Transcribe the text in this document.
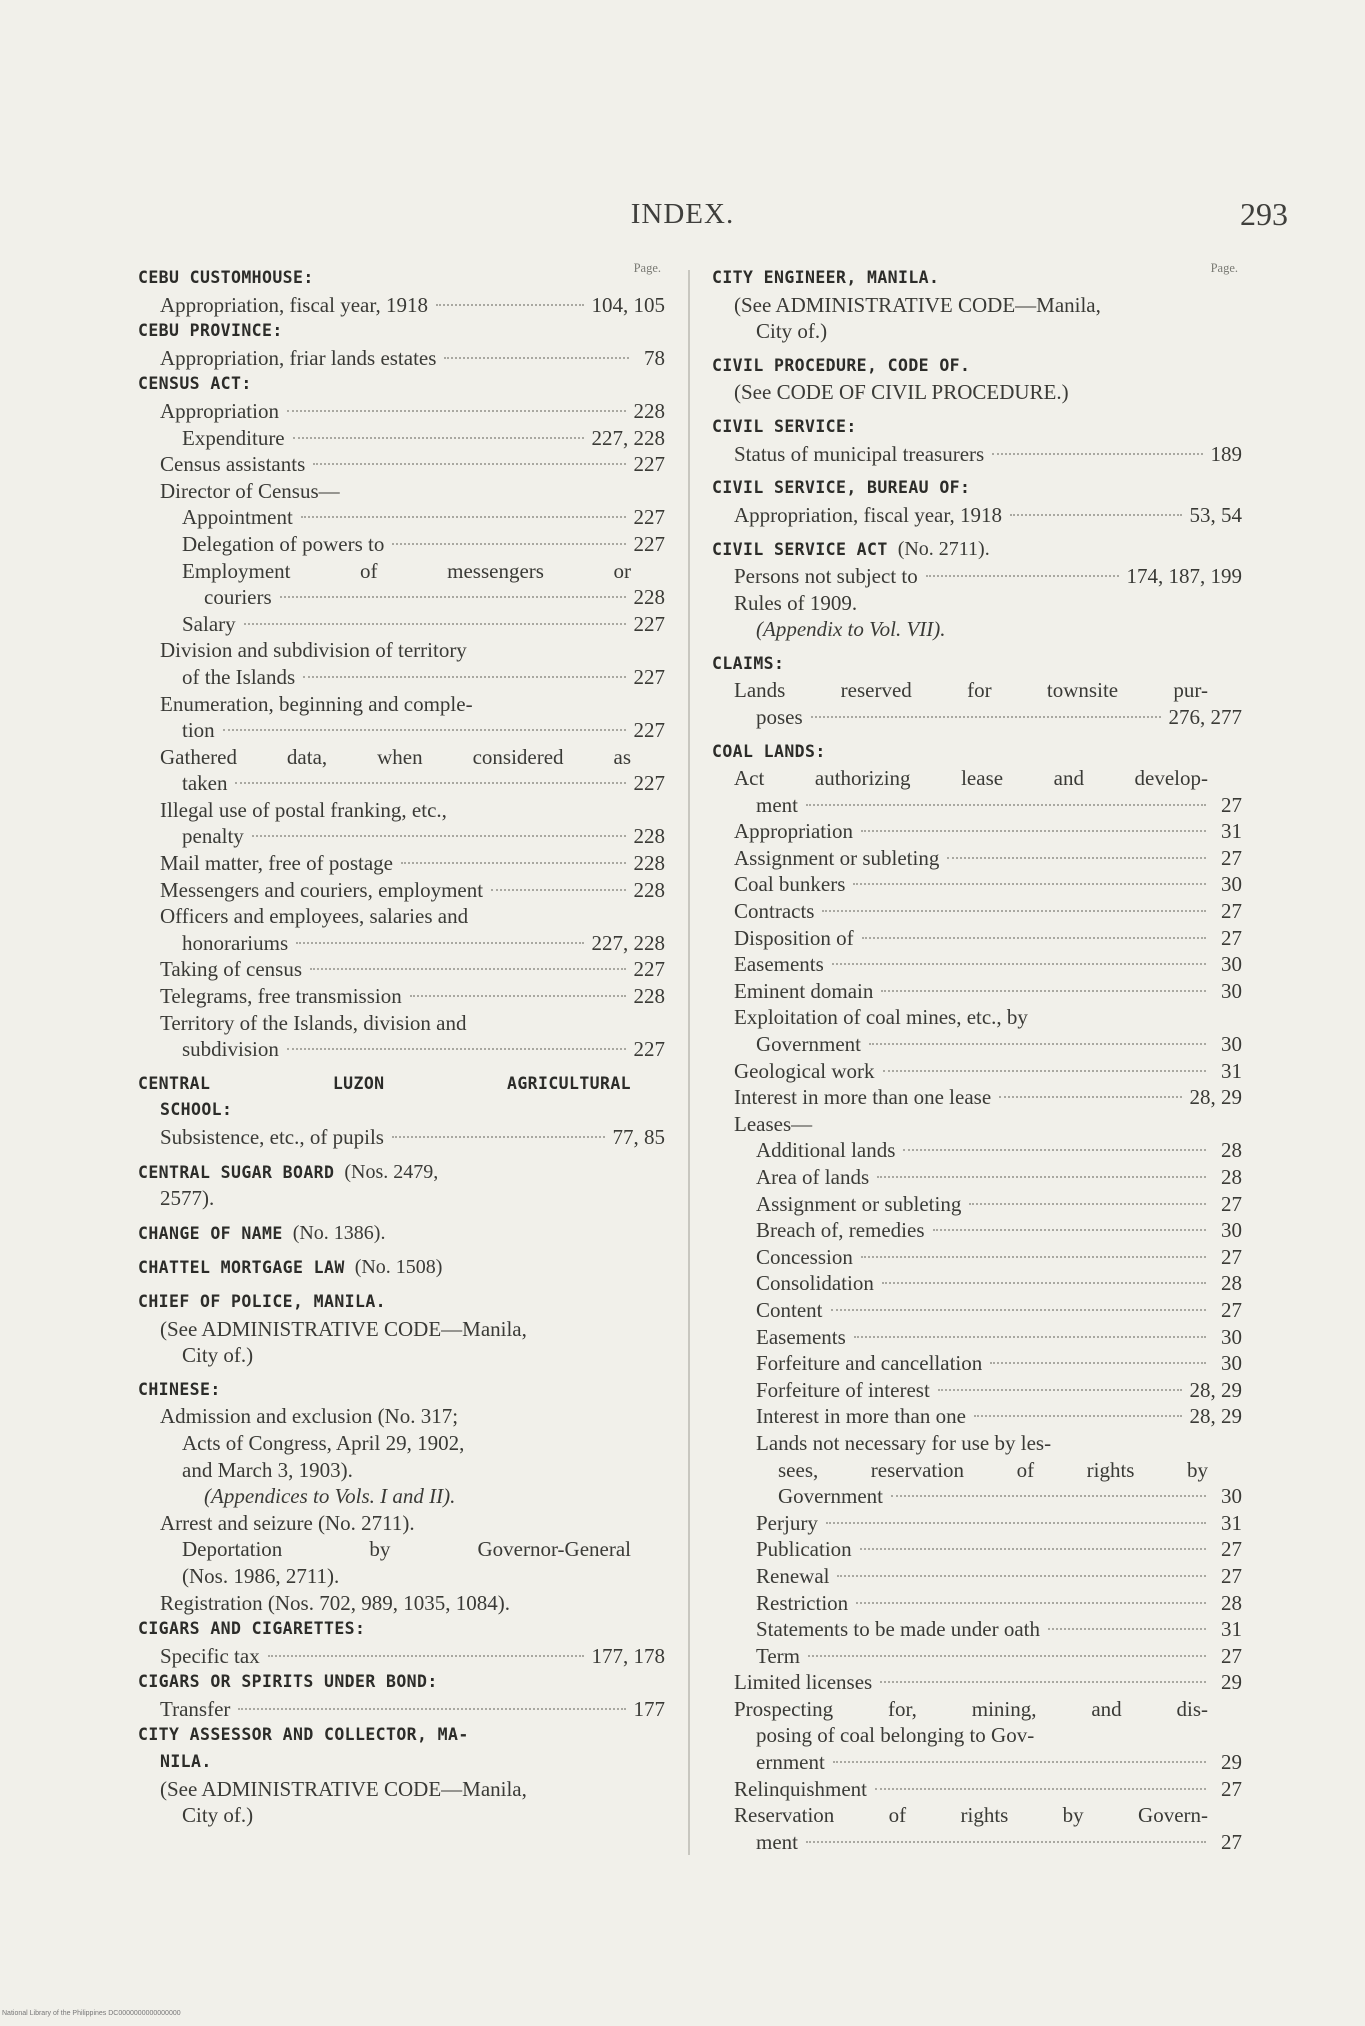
INDEX.	293
Page.
CEBU CUSTOMHOUSE:
Appropriation, fiscal year, 1918	104, 105
CEBU PROVINCE:
Appropriation, friar lands estates	78
CENSUS ACT:
Appropriation	228
Expenditure	227, 228
Census assistants	227
Director of Census—
Appointment	227
Delegation of powers to	227
Employment of messengers or
couriers	228
Salary	227
Division and subdivision of territory
of the Islands	227
Enumeration, beginning and comple-
tion	227
Gathered data, when considered as
taken	227
Illegal use of postal franking, etc.,
penalty	228
Mail matter, free of postage	228
Messengers and couriers, employment	228
Officers and employees, salaries and
honorariums	227, 228
Taking of census	227
Telegrams, free transmission	228
Territory of the Islands, division and
subdivision	227
CENTRAL LUZON AGRICULTURAL
SCHOOL:
Subsistence, etc., of pupils	77, 85
CENTRAL SUGAR BOARD (Nos. 2479,
2577).
CHANGE OF NAME (No. 1386).
CHATTEL MORTGAGE LAW (No. 1508)
CHIEF OF POLICE, MANILA.
(See ADMINISTRATIVE CODE—Manila,
City of.)
CHINESE:
Admission and exclusion (No. 317;
Acts of Congress, April 29, 1902,
and March 3, 1903).
(Appendices to Vols. I and II).
Arrest and seizure (No. 2711).
Deportation by Governor-General
(Nos. 1986, 2711).
Registration (Nos. 702, 989, 1035, 1084).
CIGARS AND CIGARETTES:
Specific tax	177, 178
CIGARS OR SPIRITS UNDER BOND:
Transfer	177
CITY ASSESSOR AND COLLECTOR, MA-
NILA.
(See ADMINISTRATIVE CODE—Manila,
City of.)
Page.
CITY ENGINEER, MANILA.
(See ADMINISTRATIVE CODE—Manila,
City of.)
CIVIL PROCEDURE, CODE OF.
(See CODE OF CIVIL PROCEDURE.)
CIVIL SERVICE:
Status of municipal treasurers	189
CIVIL SERVICE, BUREAU OF:
Appropriation, fiscal year, 1918	53, 54
CIVIL SERVICE ACT (No. 2711).
Persons not subject to	174, 187, 199
Rules of 1909.
(Appendix to Vol. VII).
CLAIMS:
Lands reserved for townsite pur-
poses	276, 277
COAL LANDS:
Act authorizing lease and develop-
ment	27
Appropriation	31
Assignment or subleting	27
Coal bunkers	30
Contracts	27
Disposition of	27
Easements	30
Eminent domain	30
Exploitation of coal mines, etc., by
Government	30
Geological work	31
Interest in more than one lease	28, 29
Leases—
Additional lands	28
Area of lands	28
Assignment or subleting	27
Breach of, remedies	30
Concession	27
Consolidation	28
Content	27
Easements	30
Forfeiture and cancellation	30
Forfeiture of interest	28, 29
Interest in more than one	28, 29
Lands not necessary for use by les-
sees, reservation of rights by
Government	30
Perjury	31
Publication	27
Renewal	27
Restriction	28
Statements to be made under oath	31
Term	27
Limited licenses	29
Prospecting for, mining, and dis-
posing of coal belonging to Gov-
ernment	29
Relinquishment	27
Reservation of rights by Govern-
ment	27
National Library of the Philippines DC0000000000000000
